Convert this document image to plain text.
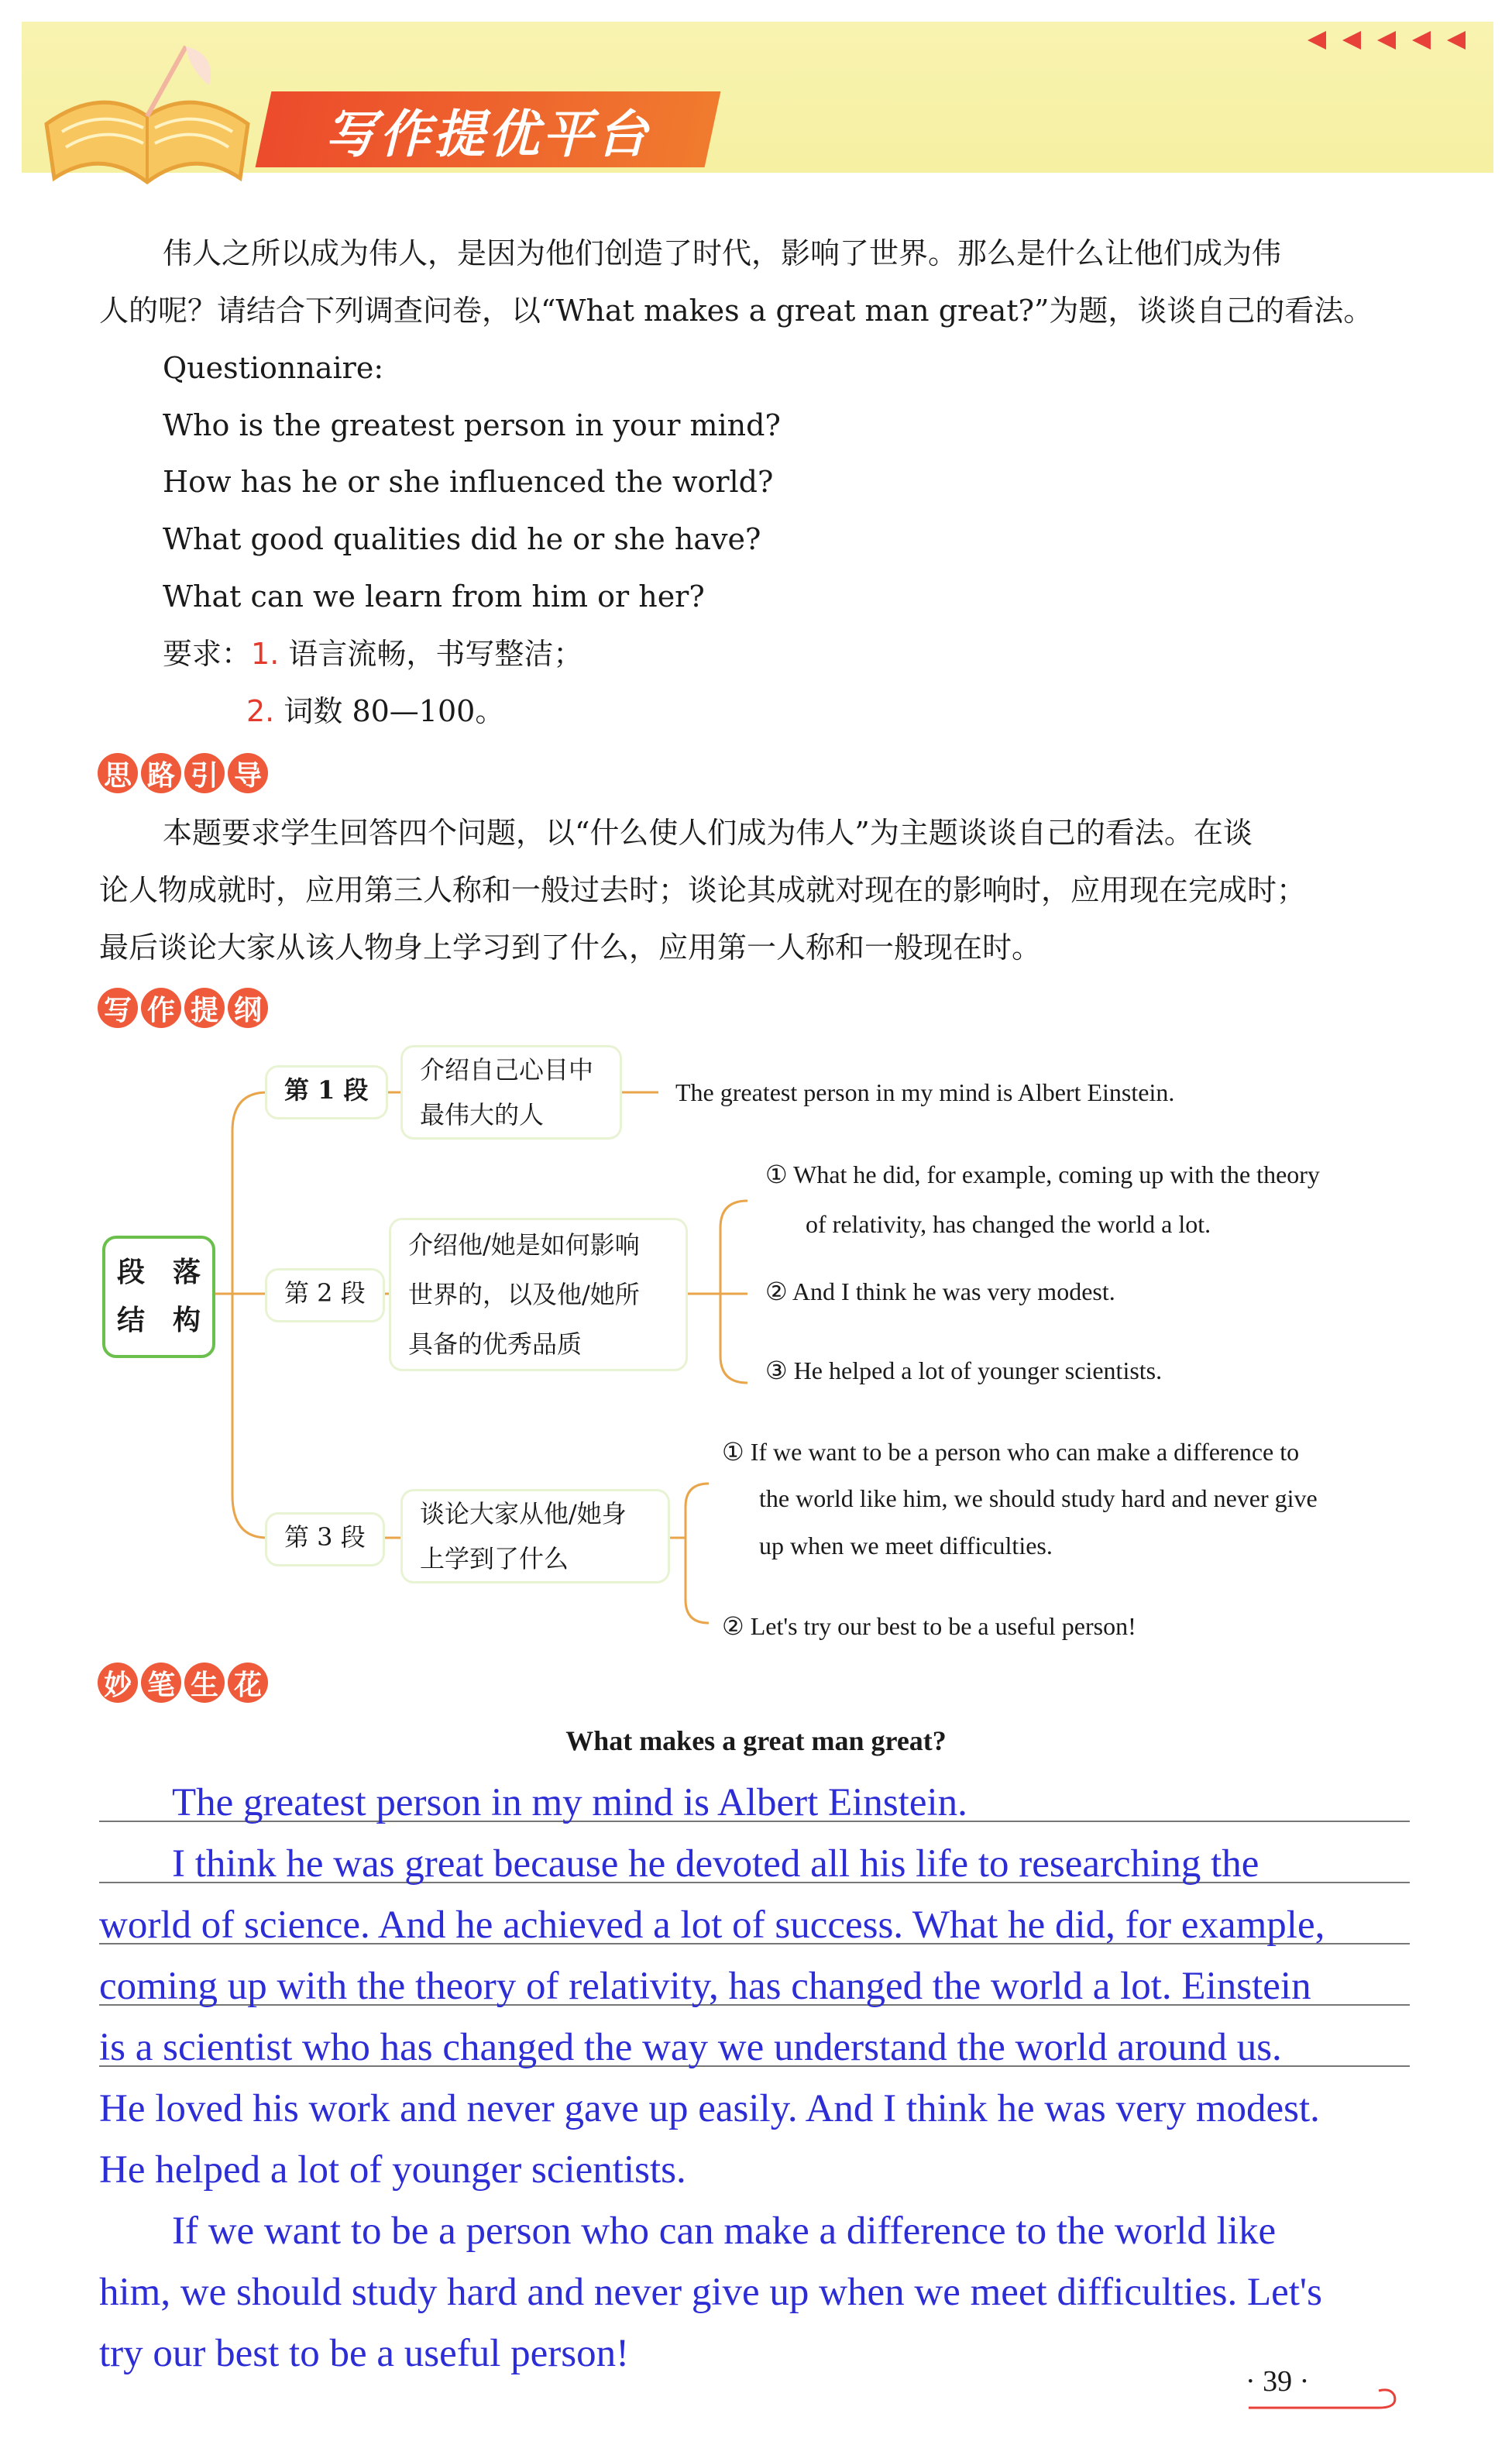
写作提优平台
伟人之所以成为伟人，是因为他们创造了时代，影响了世界。那么是什么让他们成为伟
人的呢？请结合下列调查问卷，以“What makes a great man great?”为题，谈谈自己的看法。
Questionnaire:
Who is the greatest person in your mind?
How has he or she influenced the world?
What good qualities did he or she have?
What can we learn from him or her?
要求：1. 语言流畅，书写整洁；
2. 词数 80—100。
思 路 引 导
本题要求学生回答四个问题，以“什么使人们成为伟人”为主题谈谈自己的看法。在谈
论人物成就时，应用第三人称和一般过去时；谈论其成就对现在的影响时，应用现在完成时；
最后谈论大家从该人物身上学习到了什么，应用第一人称和一般现在时。
写 作 提 纲
段　落
结　构
第 1 段
介绍自己心目中
最伟大的人
The greatest person in my mind is Albert Einstein.
第 2 段
介绍他/她是如何影响
世界的，以及他/她所
具备的优秀品质
① What he did, for example, coming up with the theory
of relativity, has changed the world a lot.
② And I think he was very modest.
③ He helped a lot of younger scientists.
第 3 段
谈论大家从他/她身
上学到了什么
① If we want to be a person who can make a difference to
the world like him, we should study hard and never give
up when we meet difficulties.
② Let's try our best to be a useful person!
妙 笔 生 花
What makes a great man great?
The greatest person in my mind is Albert Einstein.
I think he was great because he devoted all his life to researching the
world of science. And he achieved a lot of success. What he did, for example,
coming up with the theory of relativity, has changed the world a lot. Einstein
is a scientist who has changed the way we understand the world around us.
He loved his work and never gave up easily. And I think he was very modest.
He helped a lot of younger scientists.
If we want to be a person who can make a difference to the world like
him, we should study hard and never give up when we meet difficulties. Let's
try our best to be a useful person!
· 39 ·
